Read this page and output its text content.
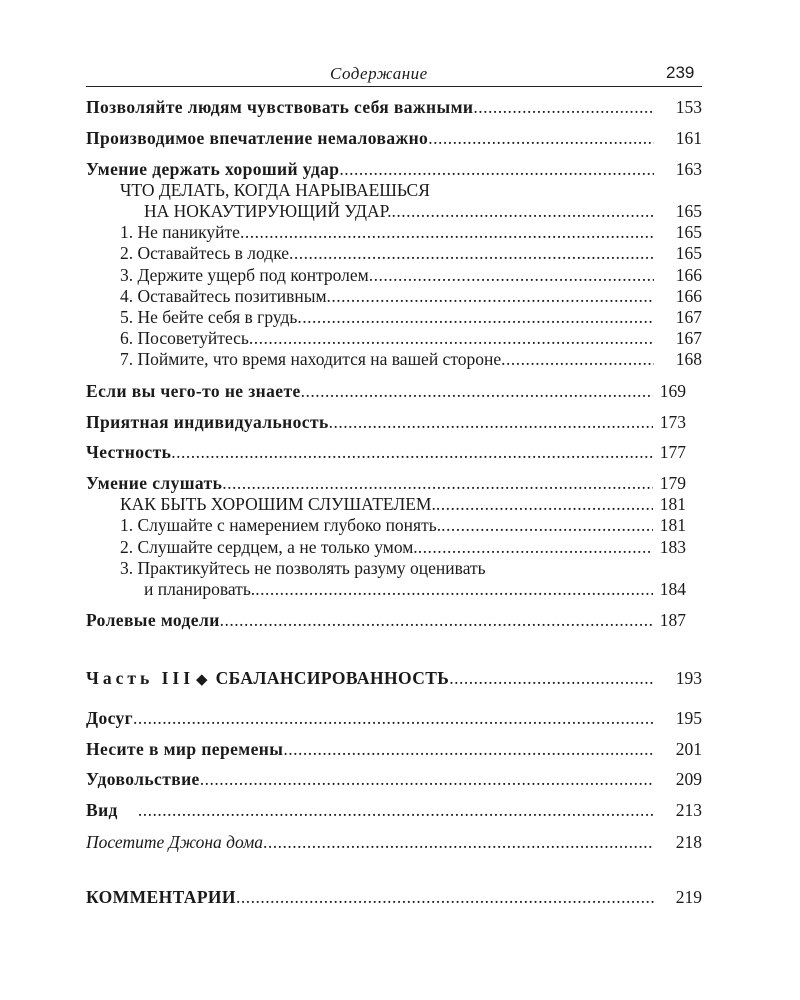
Содержание	239
Позволяйте людям чувствовать себя важными .....	153
Производимое впечатление немаловажно .....	161
Умение держать хороший удар .....	163
ЧТО ДЕЛАТЬ, КОГДА НАРЫВАЕШЬСЯ
НА НОКАУТИРУЮЩИЙ УДАР. .....	165
1. Не паникуйте .....	165
2. Оставайтесь в лодке .....	165
3. Держите ущерб под контролем .....	166
4. Оставайтесь позитивным .....	166
5. Не бейте себя в грудь .....	167
6. Посоветуйтесь .....	167
7. Поймите, что время находится на вашей стороне .....	168
Если вы чего-то не знаете .....	169
Приятная индивидуальность .....	173
Честность .....	177
Умение слушать .....	179
КАК БЫТЬ ХОРОШИМ СЛУШАТЕЛЕМ. .....	181
1. Слушайте с намерением глубоко понять. .....	181
2. Слушайте сердцем, а не только умом. .....	183
3. Практикуйтесь не позволять разуму оценивать
и планировать. .....	184
Ролевые модели .....	187
Часть III ◆ СБАЛАНСИРОВАННОСТЬ .....	193
Досуг .....	195
Несите в мир перемены .....	201
Удовольствие .....	209
Вид .....	213
Посетите Джона дома .....	218
КОММЕНТАРИИ .....	219
